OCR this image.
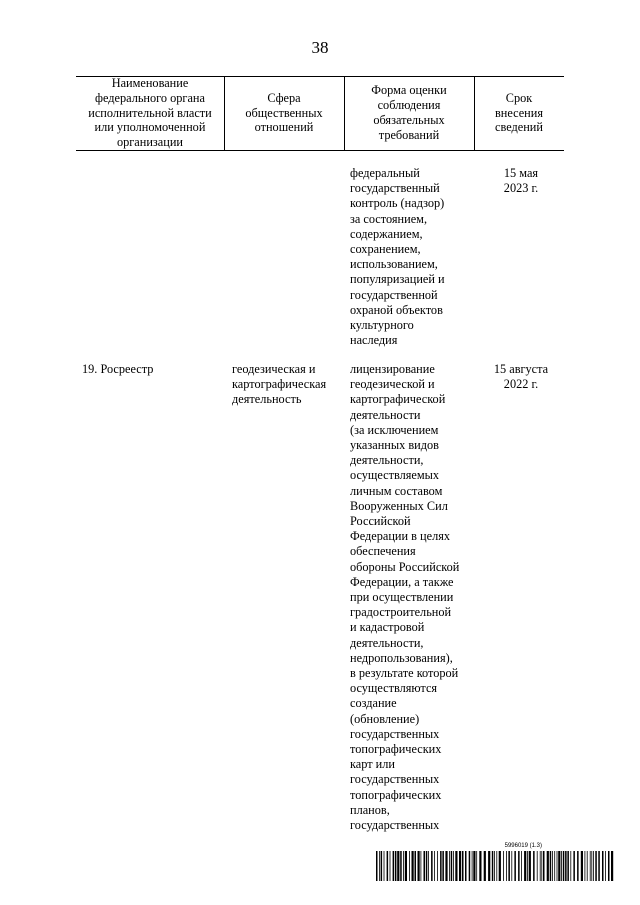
38
Наименование
федерального органа
исполнительной власти
или уполномоченной
организации
Сфера
общественных
отношений
Форма оценки
соблюдения
обязательных
требований
Срок
внесения
сведений
федеральный
государственный
контроль (надзор)
за состоянием,
содержанием,
сохранением,
использованием,
популяризацией и
государственной
охраной объектов
культурного
наследия
15 мая
2023 г.
19. Росреестр	геодезическая и
картографическая
деятельность
лицензирование
геодезической и
картографической
деятельности
(за исключением
указанных видов
деятельности,
осуществляемых
личным составом
Вооруженных Сил
Российской
Федерации в целях
обеспечения
обороны Российской
Федерации, а также
при осуществлении
градостроительной
и кадастровой
деятельности,
недропользования),
в результате которой
осуществляются
создание
(обновление)
государственных
топографических
карт или
государственных
топографических
планов,
государственных
15 августа
2022 г.
5996019 (1.3)
